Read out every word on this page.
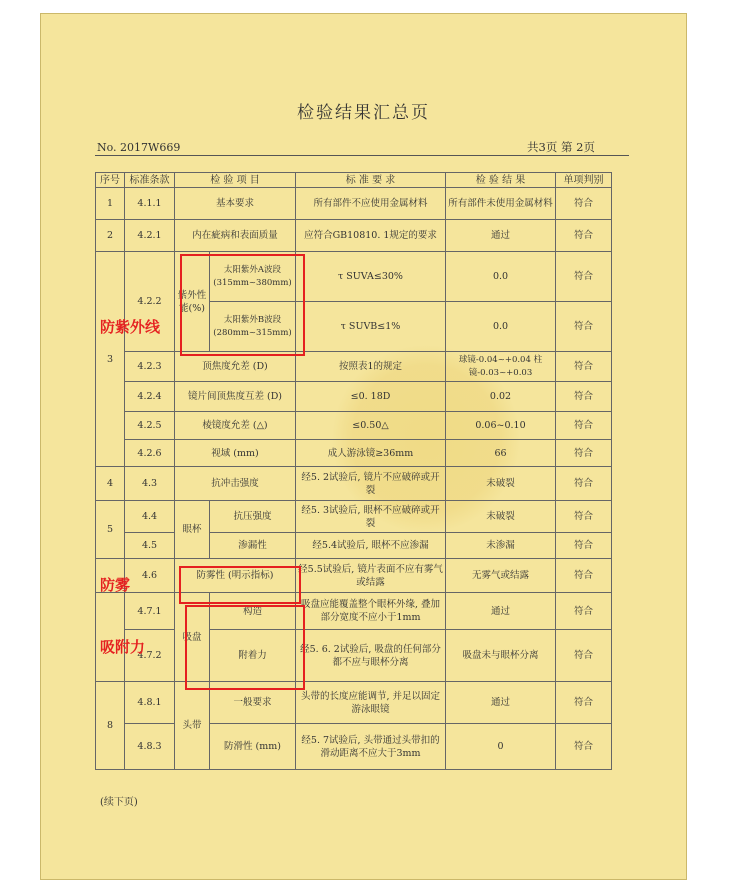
检验结果汇总页
No. 2017W669	共3页 第 2页
序号	标准条款	检 验 项 目		标 准 要 求	检 验 结 果	单项判别
1	4.1.1	基本要求		所有部件不应使用金属材料	所有部件未使用金属材料	符合
2	4.2.1	内在疵病和表面质量		应符合GB10810. 1规定的要求	通过	符合
3	4.2.2	紫外性能(%)	太阳紫外A波段(315mm~380mm)	τ SUVA≤30%	0.0	符合
			太阳紫外B波段(280mm~315mm)	τ SUVB≤1%	0.0	符合
	4.2.3	顶焦度允差 (D)		按照表1的规定	球镜-0.04~+0.04 柱镜-0.03~+0.03	符合
	4.2.4	镜片间顶焦度互差 (D)		≤0. 18D	0.02	符合
	4.2.5	棱镜度允差 (△)		≤0.50△	0.06~0.10	符合
	4.2.6	视域 (mm)		成人游泳镜≥36mm	66	符合
4	4.3	抗冲击强度		经5. 2试验后, 镜片不应破碎或开裂	未破裂	符合
5	4.4	眼杯	抗压强度	经5. 3试验后, 眼杯不应破碎或开裂	未破裂	符合
	4.5		渗漏性	经5.4试验后, 眼杯不应渗漏	未渗漏	符合
	4.6	防雾性 (明示指标)		经5.5试验后, 镜片表面不应有雾气或结露	无雾气或结露	符合
	4.7.1	吸盘	构造	吸盘应能覆盖整个眼杯外缘, 叠加部分宽度不应小于1mm	通过	符合
	4.7.2		附着力	经5. 6. 2试验后, 吸盘的任何部分都不应与眼杯分离	吸盘未与眼杯分离	符合
8	4.8.1	头带	一般要求	头带的长度应能调节, 并足以固定游泳眼镜	通过	符合
	4.8.3		防滑性 (mm)	经5. 7试验后, 头带通过头带扣的滑动距离不应大于3mm	0	符合
(续下页)
防紫外线
防雾
吸附力
